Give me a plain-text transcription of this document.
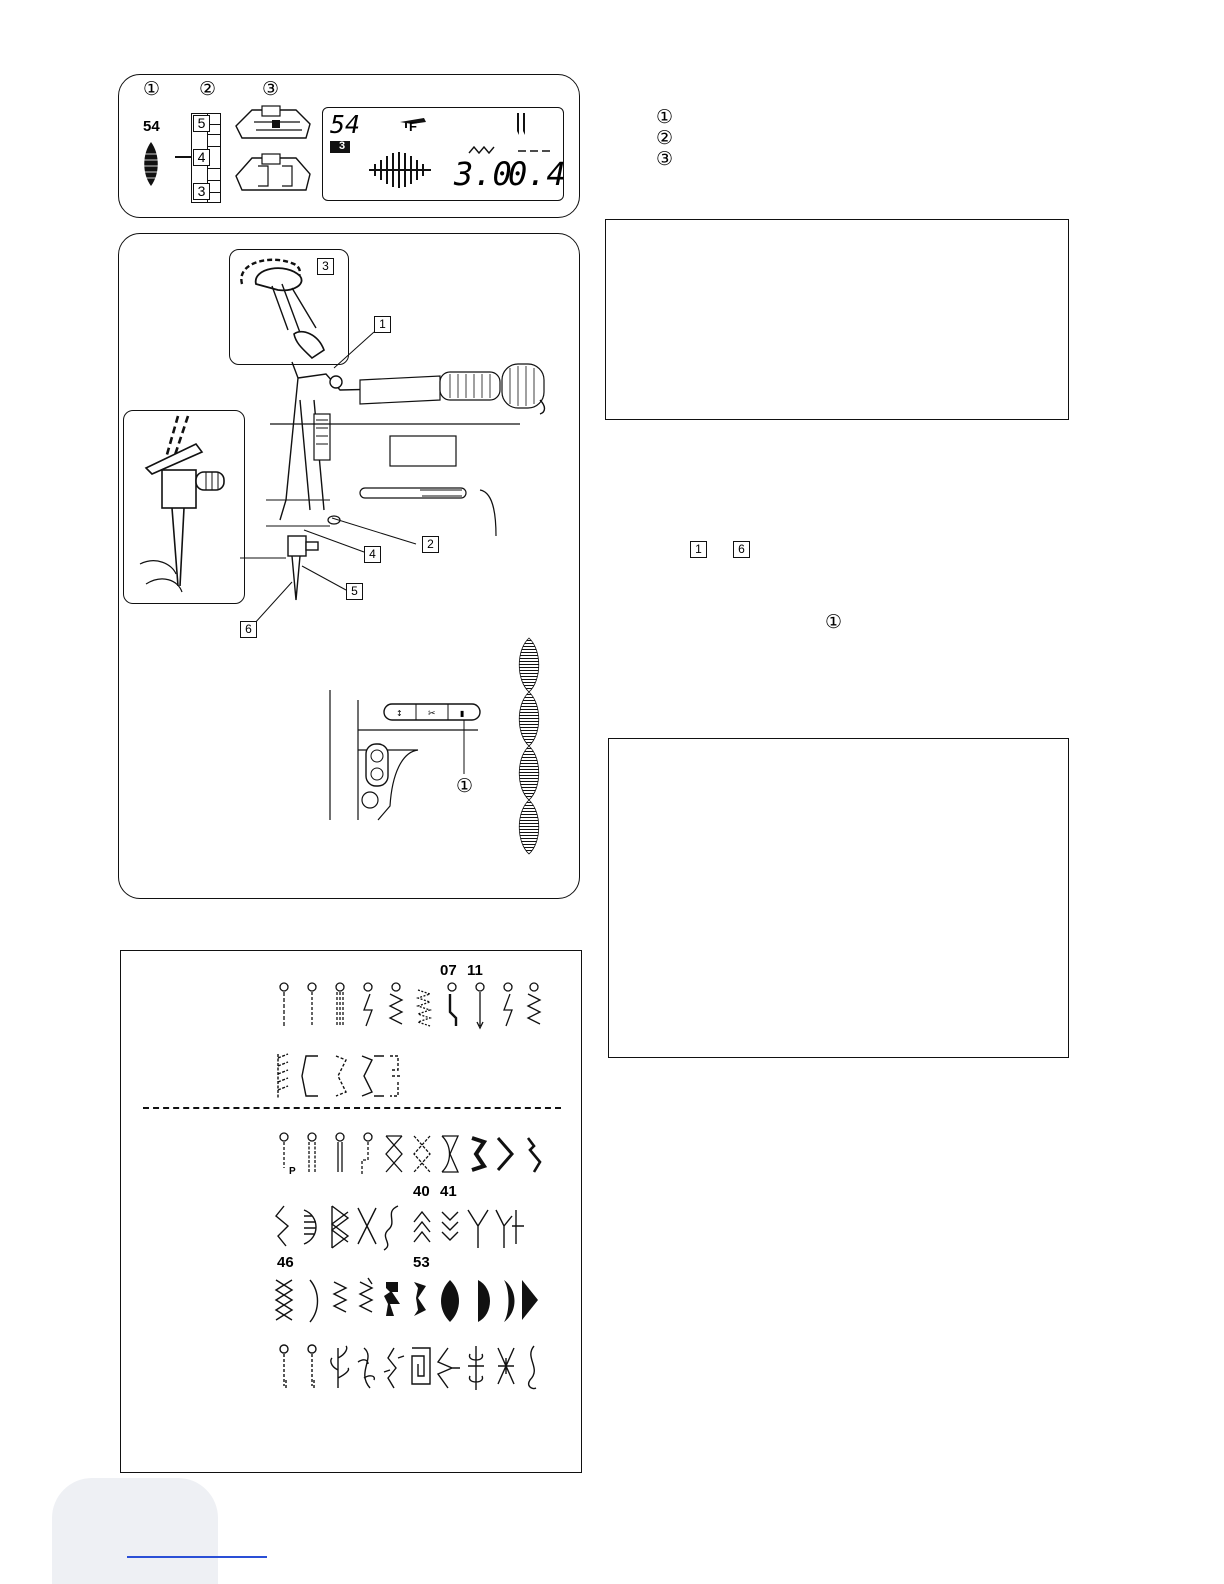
① ② ③
54	5
4
3
54	F
3
3.0
0.4
①
②
③
1	6
①
3
1
2
4
5
6
↕	✂	▮
①
07 11
P
40 41
46	53
